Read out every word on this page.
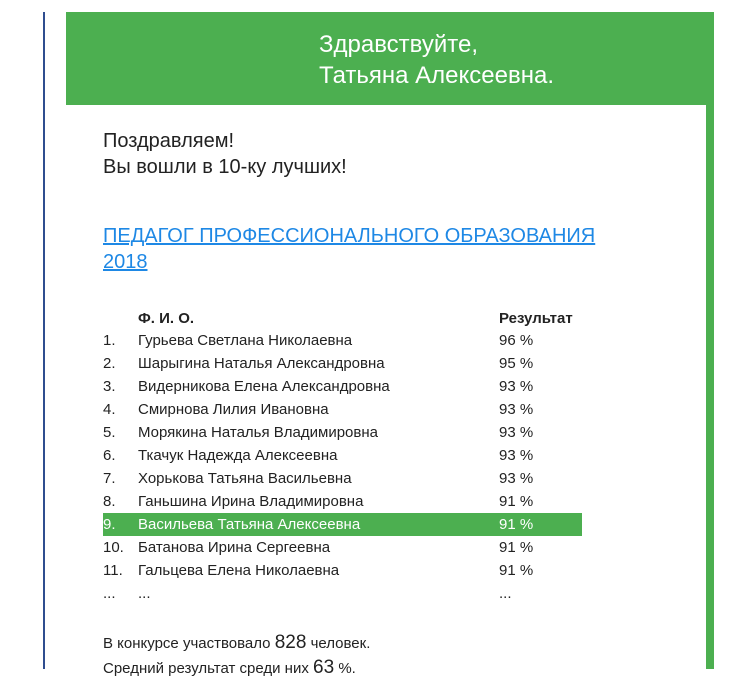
Здравствуйте,
Татьяна Алексеевна.
Поздравляем!
Вы вошли в 10-ку лучших!
ПЕДАГОГ ПРОФЕССИОНАЛЬНОГО ОБРАЗОВАНИЯ
2018
	Ф. И. О.	Результат
1.	Гурьева Светлана Николаевна	96 %
2.	Шарыгина Наталья Александровна	95 %
3.	Видерникова Елена Александровна	93 %
4.	Смирнова Лилия Ивановна	93 %
5.	Морякина Наталья Владимировна	93 %
6.	Ткачук Надежда Алексеевна	93 %
7.	Хорькова Татьяна Васильевна	93 %
8.	Ганьшина Ирина Владимировна	91 %
9.	Васильева Татьяна Алексеевна	91 %
10.	Батанова Ирина Сергеевна	91 %
11.	Гальцева Елена Николаевна	91 %
...	...	...
В конкурсе участвовало 828 человек.
Средний результат среди них 63 %.
